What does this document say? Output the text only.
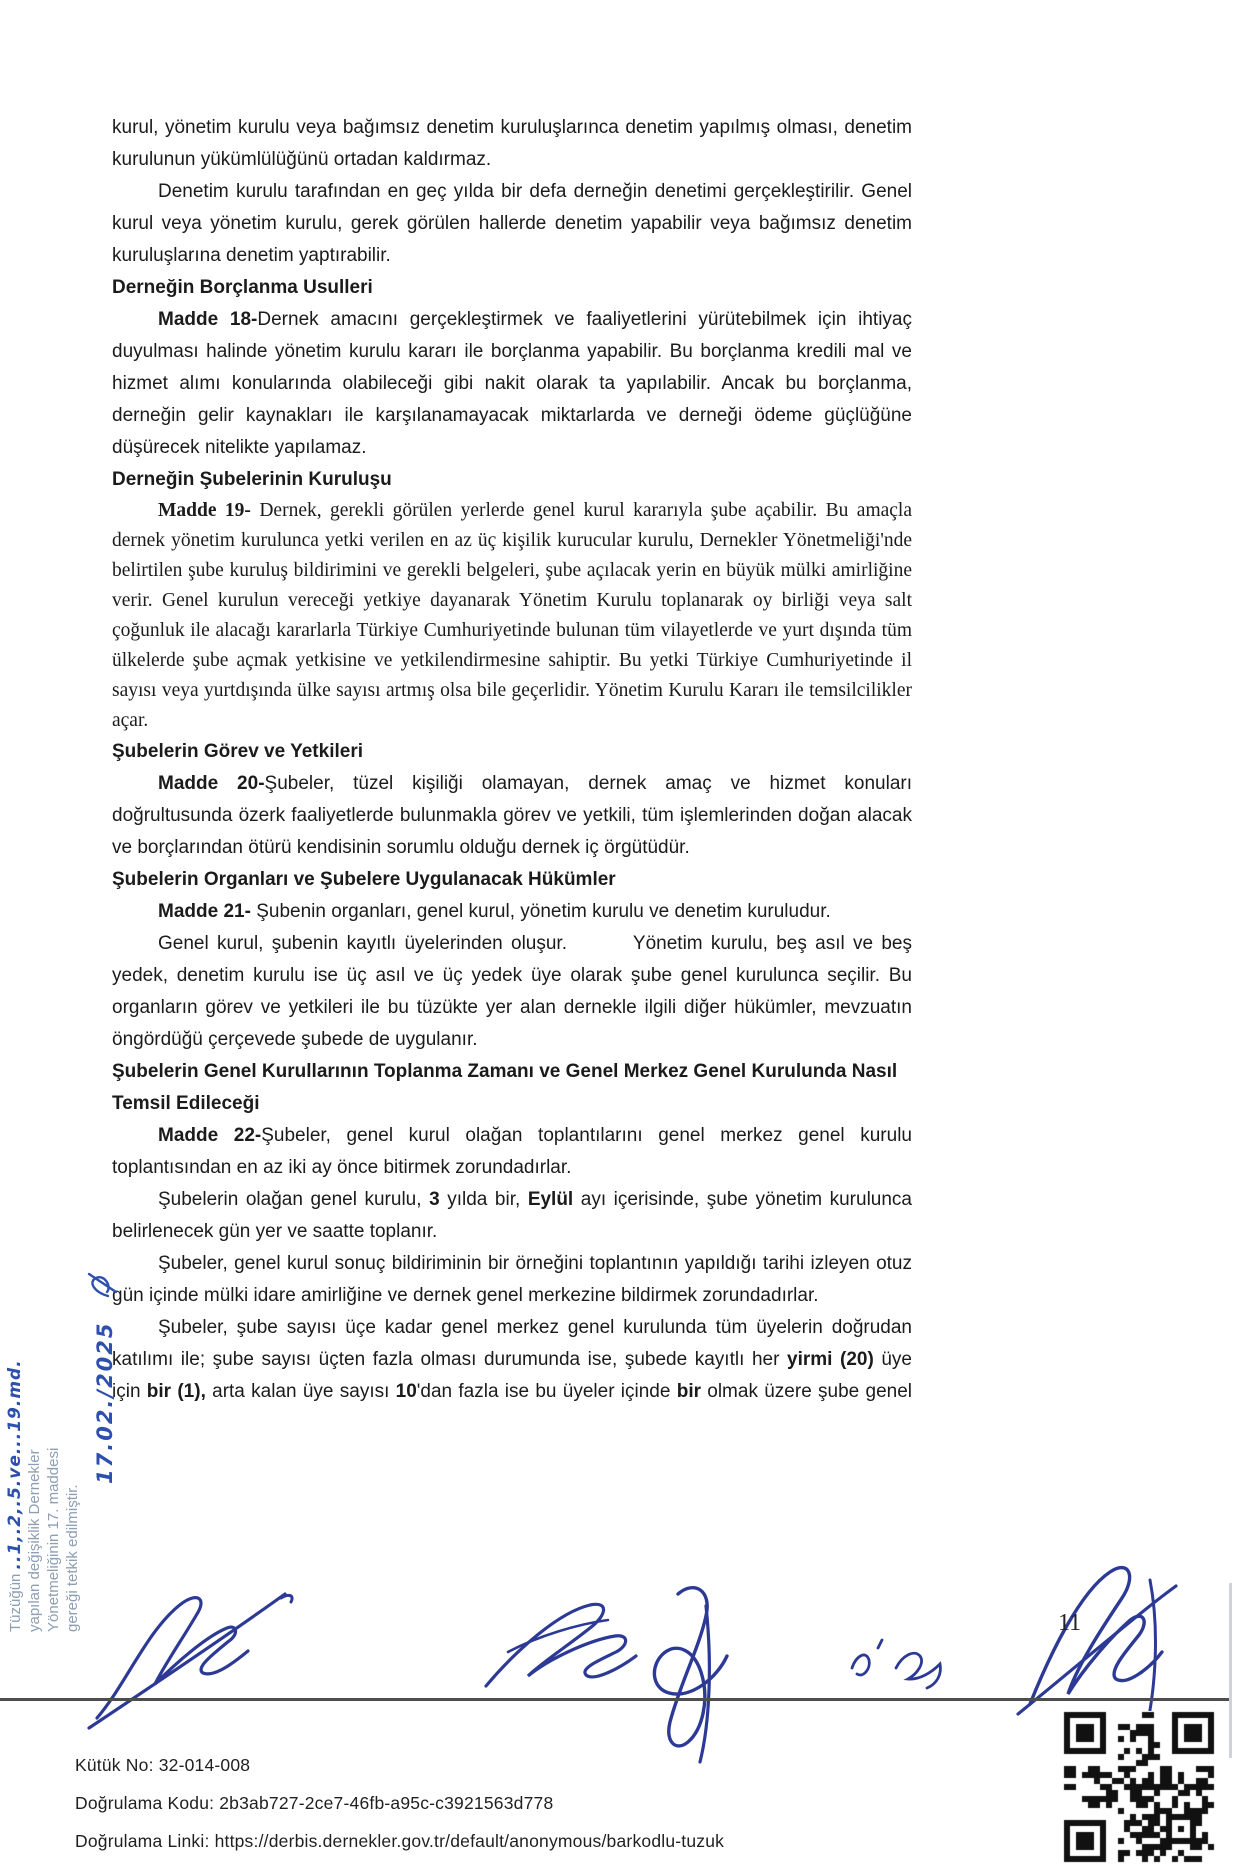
kurul, yönetim kurulu veya bağımsız denetim kuruluşlarınca denetim yapılmış olması, denetim kurulunun yükümlülüğünü ortadan kaldırmaz.

Denetim kurulu tarafından en geç yılda bir defa derneğin denetimi gerçekleştirilir. Genel kurul veya yönetim kurulu, gerek görülen hallerde denetim yapabilir veya bağımsız denetim kuruluşlarına denetim yaptırabilir.

Derneğin Borçlanma Usulleri

Madde 18-Dernek amacını gerçekleştirmek ve faaliyetlerini yürütebilmek için ihtiyaç duyulması halinde yönetim kurulu kararı ile borçlanma yapabilir. Bu borçlanma kredili mal ve hizmet alımı konularında olabileceği gibi nakit olarak ta yapılabilir. Ancak bu borçlanma, derneğin gelir kaynakları ile karşılanamayacak miktarlarda ve derneği ödeme güçlüğüne düşürecek nitelikte yapılamaz.

Derneğin Şubelerinin Kuruluşu

Madde 19- Dernek, gerekli görülen yerlerde genel kurul kararıyla şube açabilir. Bu amaçla dernek yönetim kurulunca yetki verilen en az üç kişilik kurucular kurulu, Dernekler Yönetmeliği'nde belirtilen şube kuruluş bildirimini ve gerekli belgeleri, şube açılacak yerin en büyük mülki amirliğine verir. Genel kurulun vereceği yetkiye dayanarak Yönetim Kurulu toplanarak oy birliği veya salt çoğunluk ile alacağı kararlarla Türkiye Cumhuriyetinde bulunan tüm vilayetlerde ve yurt dışında tüm ülkelerde şube açmak yetkisine ve yetkilendirmesine sahiptir. Bu yetki Türkiye Cumhuriyetinde il sayısı veya yurtdışında ülke sayısı artmış olsa bile geçerlidir. Yönetim Kurulu Kararı ile temsilcilikler açar.

Şubelerin Görev ve Yetkileri

Madde 20-Şubeler, tüzel kişiliği olamayan, dernek amaç ve hizmet konuları doğrultusunda özerk faaliyetlerde bulunmakla görev ve yetkili, tüm işlemlerinden doğan alacak ve borçlarından ötürü kendisinin sorumlu olduğu dernek iç örgütüdür.

Şubelerin Organları ve Şubelere Uygulanacak Hükümler

Madde 21- Şubenin organları, genel kurul, yönetim kurulu ve denetim kuruludur.

Genel kurul, şubenin kayıtlı üyelerinden oluşur.        Yönetim kurulu, beş asıl ve beş yedek, denetim kurulu ise üç asıl ve üç yedek üye olarak şube genel kurulunca seçilir. Bu organların görev ve yetkileri ile bu tüzükte yer alan dernekle ilgili diğer hükümler, mevzuatın öngördüğü çerçevede şubede de uygulanır.

Şubelerin Genel Kurullarının Toplanma Zamanı ve Genel Merkez Genel Kurulunda Nasıl Temsil Edileceği

Madde 22-Şubeler, genel kurul olağan toplantılarını genel merkez genel kurulu toplantısından en az iki ay önce bitirmek zorundadırlar.

Şubelerin olağan genel kurulu, 3 yılda bir, Eylül ayı içerisinde, şube yönetim kurulunca belirlenecek gün yer ve saatte toplanır.

Şubeler, genel kurul sonuç bildiriminin bir örneğini toplantının yapıldığı tarihi izleyen otuz gün içinde mülki idare amirliğine ve dernek genel merkezine bildirmek zorundadırlar.

Şubeler, şube sayısı üçe kadar genel merkez genel kurulunda tüm üyelerin doğrudan katılımı ile; şube sayısı üçten fazla olması durumunda ise, şubede kayıtlı her yirmi (20) üye için bir (1), arta kalan üye sayısı 10'dan fazla ise bu üyeler içinde bir olmak üzere şube genel

Tüzüğün ..1,.2,.5.ve...19.md. yapılan değişiklik Dernekler Yönetmeliğinin 17. maddesi gereği tetkik edilmiştir.
17.02./2025
11
Kütük No: 32-014-008
Doğrulama Kodu: 2b3ab727-2ce7-46fb-a95c-c3921563d778
Doğrulama Linki: https://derbis.dernekler.gov.tr/default/anonymous/barkodlu-tuzuk
